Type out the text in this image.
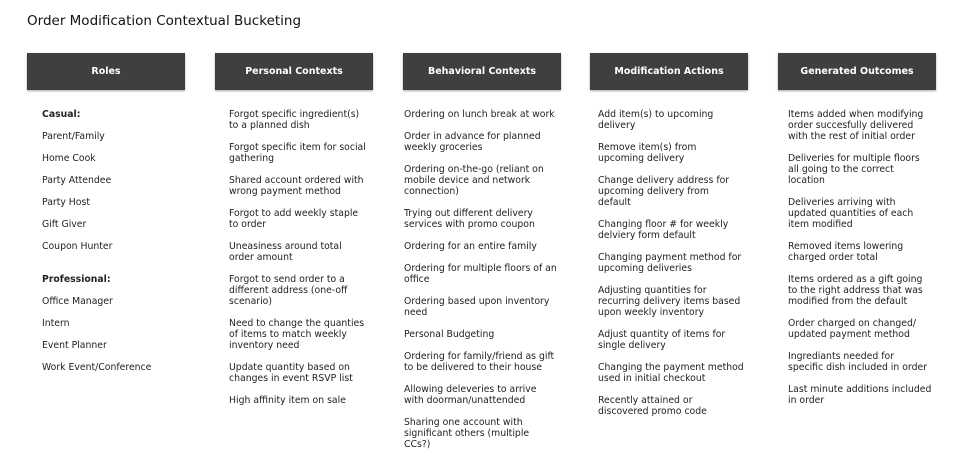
Order Modification Contextual Bucketing
Roles
Casual:
Parent/Family
Home Cook
Party Attendee
Party Host
Gift Giver
Coupon Hunter
Professional:
Office Manager
Intern
Event Planner
Work Event/Conference
Personal Contexts
Forgot specific ingredient(s) to a planned dish
Forgot specific item for social gathering
Shared account ordered with wrong payment method
Forgot to add weekly staple to order
Uneasiness around total order amount
Forgot to send order to a different address (one-off scenario)
Need to change the quanties of items to match weekly inventory need
Update quantity based on changes in event RSVP list
High affinity item on sale
Behavioral Contexts
Ordering on lunch break at work
Order in advance for planned weekly groceries
Ordering on-the-go (reliant on mobile device and network connection)
Trying out different delivery services with promo coupon
Ordering for an entire family
Ordering for multiple floors of an office
Ordering based upon inventory need
Personal Budgeting
Ordering for family/friend as gift to be delivered to their house
Allowing deleveries to arrive with doorman/unattended
Sharing one account with significant others (multiple CCs?)
Modification Actions
Add item(s) to upcoming delivery
Remove item(s) from upcoming delivery
Change delivery address for upcoming delivery from default
Changing floor # for weekly delviery form default
Changing payment method for upcoming deliveries
Adjusting quantities for recurring delivery items based upon weekly inventory
Adjust quantity of items for single delivery
Changing the payment method used in initial checkout
Recently attained or discovered promo code
Generated Outcomes
Items added when modifying order succesfully delivered with the rest of initial order
Deliveries for multiple floors all going to the correct location
Deliveries arriving with updated quantities of each item modified
Removed items lowering charged order total
Items ordered as a gift going to the right address that was modified from the default
Order charged on changed/ updated payment method
Ingrediants needed for specific dish included in order
Last minute additions included in order
